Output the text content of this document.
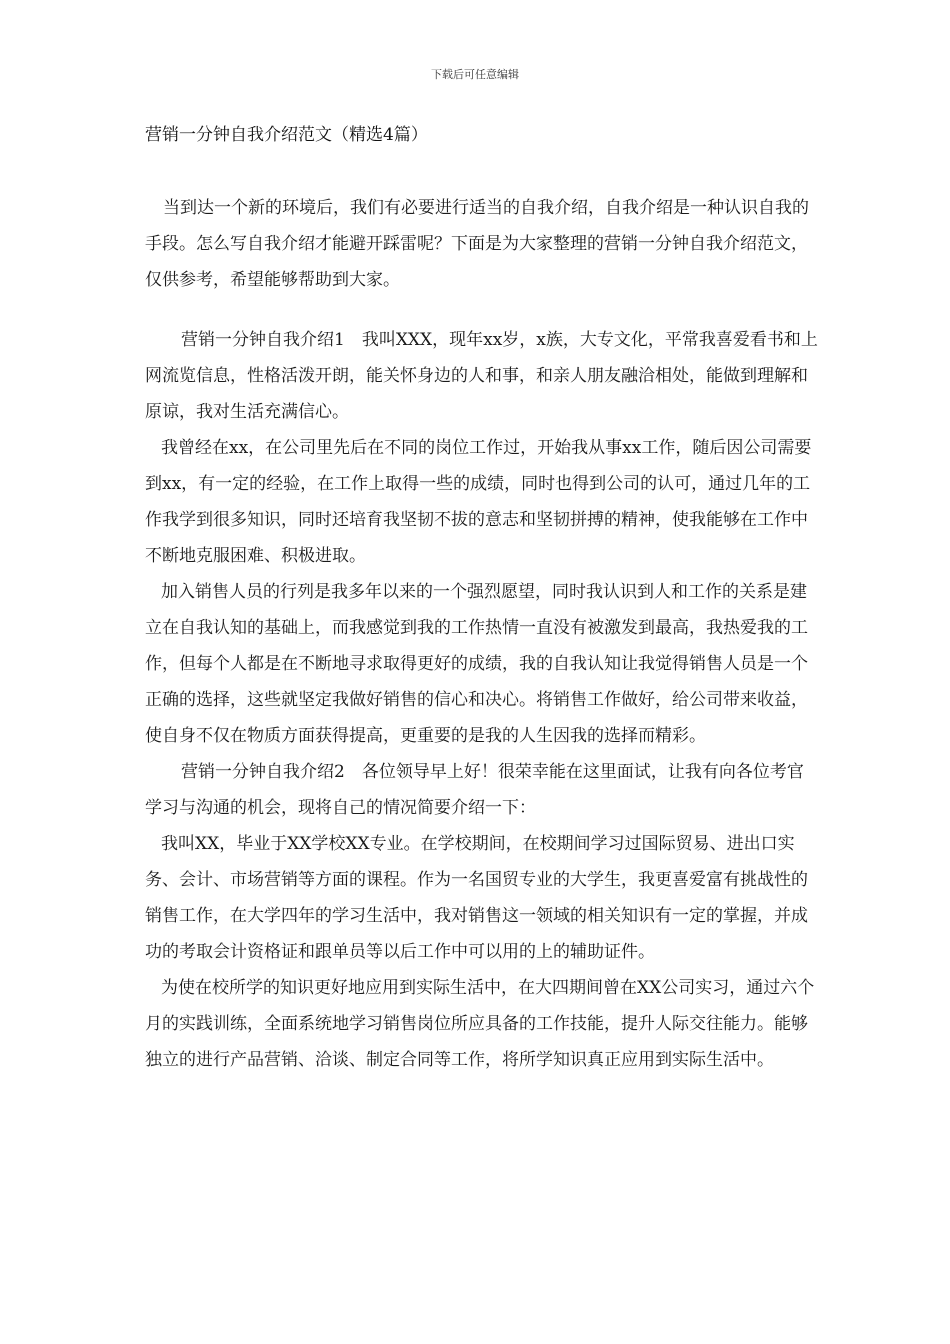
下载后可任意编辑
营销一分钟自我介绍范文（精选4篇）

当到达一个新的环境后，我们有必要进行适当的自我介绍，自我介绍是一种认识自我的手段。怎么写自我介绍才能避开踩雷呢？下面是为大家整理的营销一分钟自我介绍范文，仅供参考，希望能够帮助到大家。

营销一分钟自我介绍1　我叫XXX，现年xx岁，x族，大专文化，平常我喜爱看书和上网流览信息，性格活泼开朗，能关怀身边的人和事，和亲人朋友融洽相处，能做到理解和原谅，我对生活充满信心。

我曾经在xx，在公司里先后在不同的岗位工作过，开始我从事xx工作，随后因公司需要到xx，有一定的经验，在工作上取得一些的成绩，同时也得到公司的认可，通过几年的工作我学到很多知识，同时还培育我坚韧不拔的意志和坚韧拼搏的精神，使我能够在工作中不断地克服困难、积极进取。

加入销售人员的行列是我多年以来的一个强烈愿望，同时我认识到人和工作的关系是建立在自我认知的基础上，而我感觉到我的工作热情一直没有被激发到最高，我热爱我的工作，但每个人都是在不断地寻求取得更好的成绩，我的自我认知让我觉得销售人员是一个正确的选择，这些就坚定我做好销售的信心和决心。将销售工作做好，给公司带来收益，使自身不仅在物质方面获得提高，更重要的是我的人生因我的选择而精彩。

营销一分钟自我介绍2　各位领导早上好！很荣幸能在这里面试，让我有向各位考官学习与沟通的机会，现将自己的情况简要介绍一下：

我叫XX，毕业于XX学校XX专业。在学校期间，在校期间学习过国际贸易、进出口实务、会计、市场营销等方面的课程。作为一名国贸专业的大学生，我更喜爱富有挑战性的销售工作，在大学四年的学习生活中，我对销售这一领域的相关知识有一定的掌握，并成功的考取会计资格证和跟单员等以后工作中可以用的上的辅助证件。

为使在校所学的知识更好地应用到实际生活中，在大四期间曾在XX公司实习，通过六个月的实践训练，全面系统地学习销售岗位所应具备的工作技能，提升人际交往能力。能够独立的进行产品营销、洽谈、制定合同等工作，将所学知识真正应用到实际生活中。
